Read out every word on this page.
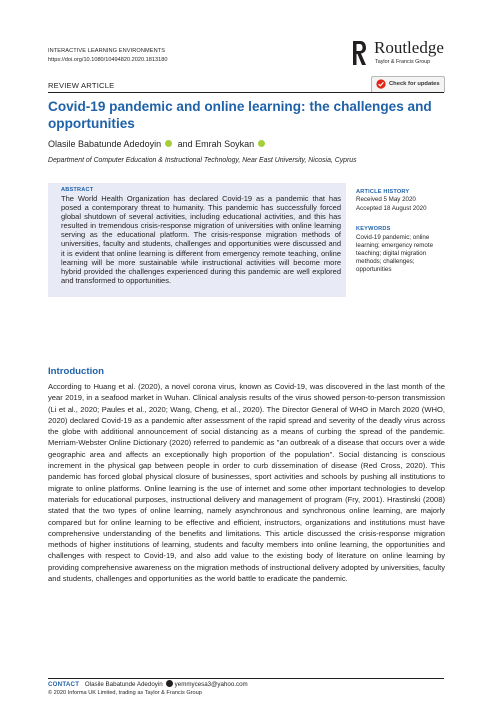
INTERACTIVE LEARNING ENVIRONMENTS
https://doi.org/10.1080/10494820.2020.1813180
Routledge
Taylor & Francis Group
REVIEW ARTICLE	Check for updates
Covid-19 pandemic and online learning: the challenges and opportunities
Olasile Babatunde Adedoyin and Emrah Soykan
Department of Computer Education & Instructional Technology, Near East University, Nicosia, Cyprus
ABSTRACT
The World Health Organization has declared Covid-19 as a pandemic that has posed a contemporary threat to humanity. This pandemic has successfully forced global shutdown of several activities, including educational activities, and this has resulted in tremendous crisis-response migration of universities with online learning serving as the educational platform. The crisis-response migration methods of universities, faculty and students, challenges and opportunities were discussed and it is evident that online learning is different from emergency remote teaching, online learning will be more sustainable while instructional activities will become more hybrid provided the challenges experienced during this pandemic are well explored and transformed to opportunities.
ARTICLE HISTORY
Received 5 May 2020
Accepted 18 August 2020
KEYWORDS
Covid-19 pandemic; online learning; emergency remote teaching; digital migration methods; challenges; opportunities
Introduction
According to Huang et al. (2020), a novel corona virus, known as Covid-19, was discovered in the last month of the year 2019, in a seafood market in Wuhan. Clinical analysis results of the virus showed person-to-person transmission (Li et al., 2020; Paules et al., 2020; Wang, Cheng, et al., 2020). The Director General of WHO in March 2020 (WHO, 2020) declared Covid-19 as a pandemic after assessment of the rapid spread and severity of the deadly virus across the globe with additional announcement of social distancing as a means of curbing the spread of the pandemic. Merriam-Webster Online Dictionary (2020) referred to pandemic as "an outbreak of a disease that occurs over a wide geographic area and affects an exceptionally high proportion of the population". Social distancing is conscious increment in the physical gap between people in order to curb dissemination of disease (Red Cross, 2020). This pandemic has forced global physical closure of businesses, sport activities and schools by pushing all institutions to migrate to online platforms. Online learning is the use of internet and some other important technologies to develop materials for educational purposes, instructional delivery and management of program (Fry, 2001). Hrastinski (2008) stated that the two types of online learning, namely asynchronous and synchronous online learning, are majorly compared but for online learning to be effective and efficient, instructors, organizations and institutions must have comprehensive understanding of the benefits and limitations. This article discussed the crisis-response migration methods of higher institutions of learning, students and faculty members into online learning, the opportunities and challenges with respect to Covid-19, and also add value to the existing body of literature on online learning by providing comprehensive awareness on the migration methods of instructional delivery adopted by universities, faculty and students, challenges and opportunities as the world battle to eradicate the pandemic.
CONTACT Olasile Babatunde Adedoyin yemmycesa3@yahoo.com
© 2020 Informa UK Limited, trading as Taylor & Francis Group
